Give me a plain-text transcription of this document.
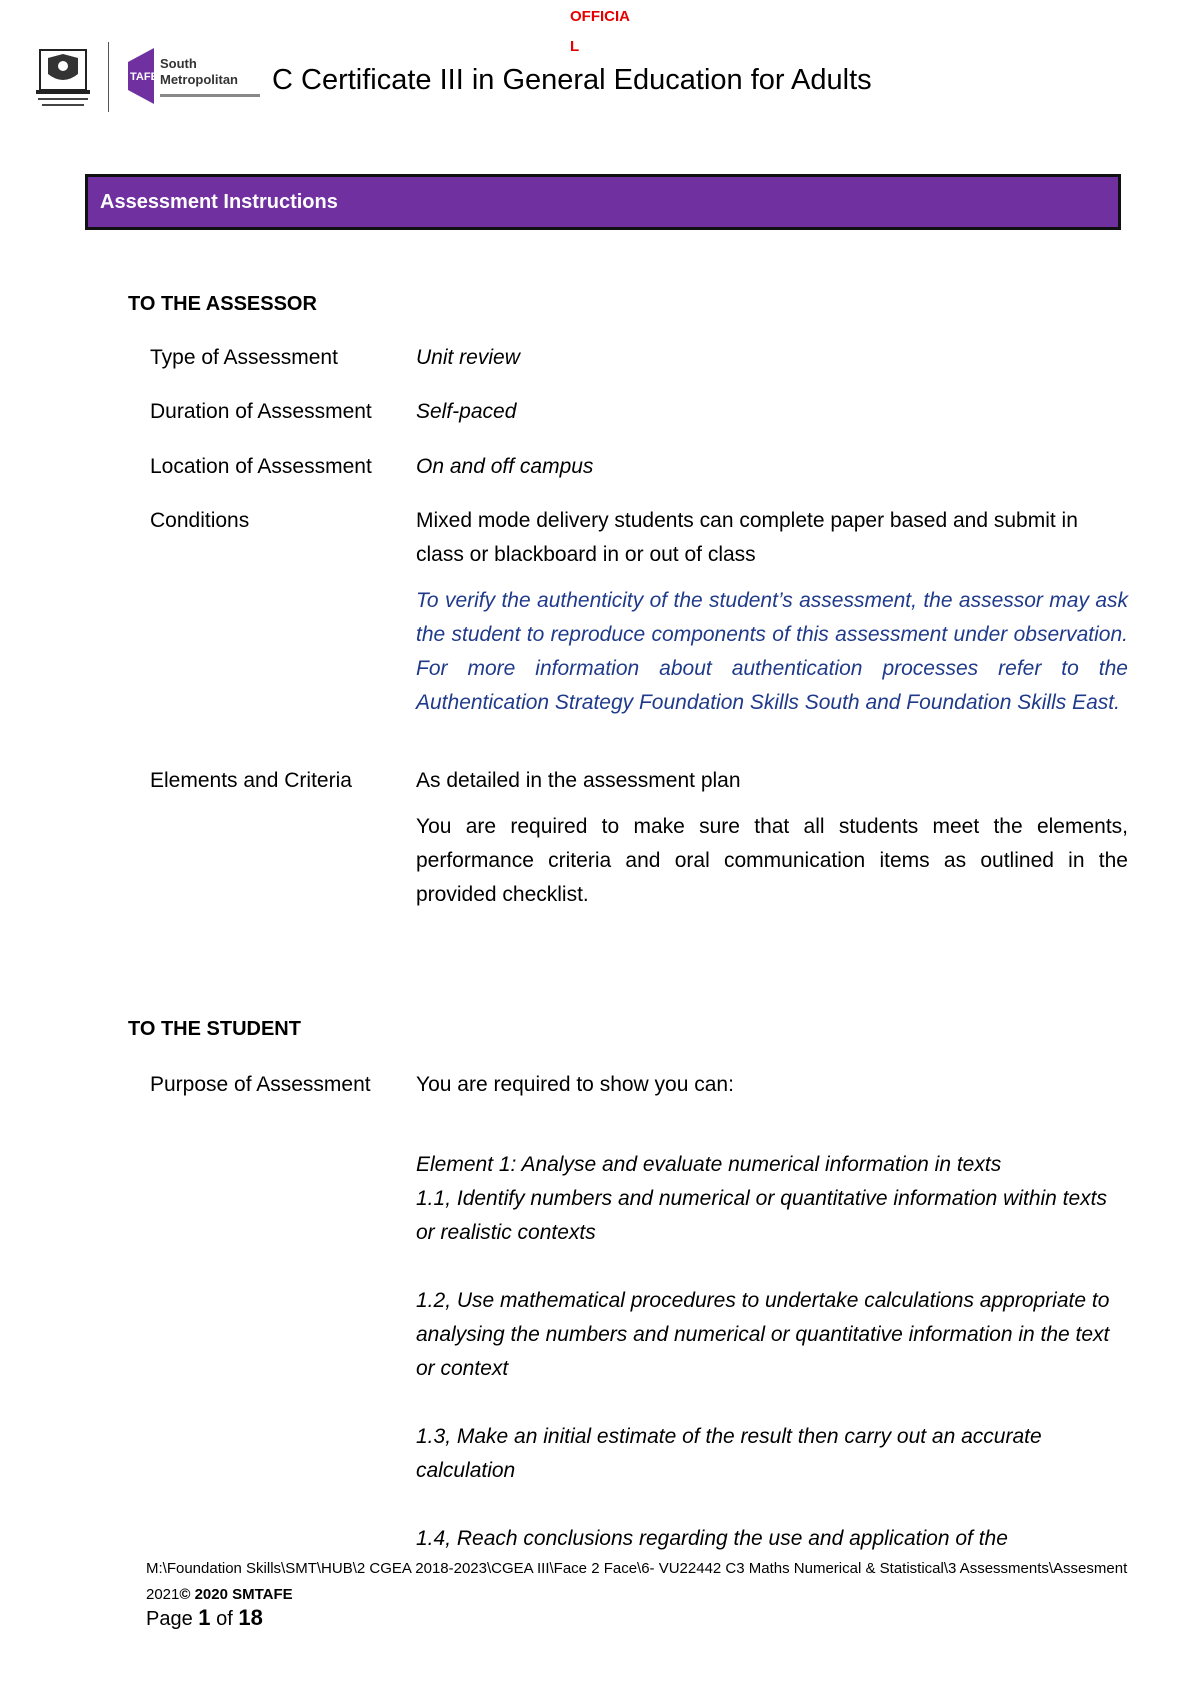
OFFICIAL
TAFE
South
Metropolitan C Certificate III in General Education for Adults
Assessment Instructions
TO THE ASSESSOR
Type of Assessment	Unit review
Duration of Assessment Self-paced
Location of Assessment On and off campus
Conditions	Mixed mode delivery students can complete paper based and submit in class or blackboard in or out of class
To verify the authenticity of the student’s assessment, the assessor may ask the student to reproduce components of this assessment under observation. For more information about authentication processes refer to the Authentication Strategy Foundation Skills South and Foundation Skills East.
Elements and Criteria	As detailed in the assessment plan
You are required to make sure that all students meet the elements, performance criteria and oral communication items as outlined in the provided checklist.
TO THE STUDENT
Purpose of Assessment You are required to show you can:
Element 1: Analyse and evaluate numerical information in texts
1.1, Identify numbers and numerical or quantitative information within texts or realistic contexts
1.2, Use mathematical procedures to undertake calculations appropriate to analysing the numbers and numerical or quantitative information in the text or context
1.3, Make an initial estimate of the result then carry out an accurate calculation
1.4, Reach conclusions regarding the use and application of the
M:\Foundation Skills\SMT\HUB\2 CGEA 2018-2023\CGEA III\Face 2 Face\6- VU22442 C3 Maths Numerical & Statistical\3 Assessments\Assesment 2021© 2020 SMTAFE
Page 1 of 18
